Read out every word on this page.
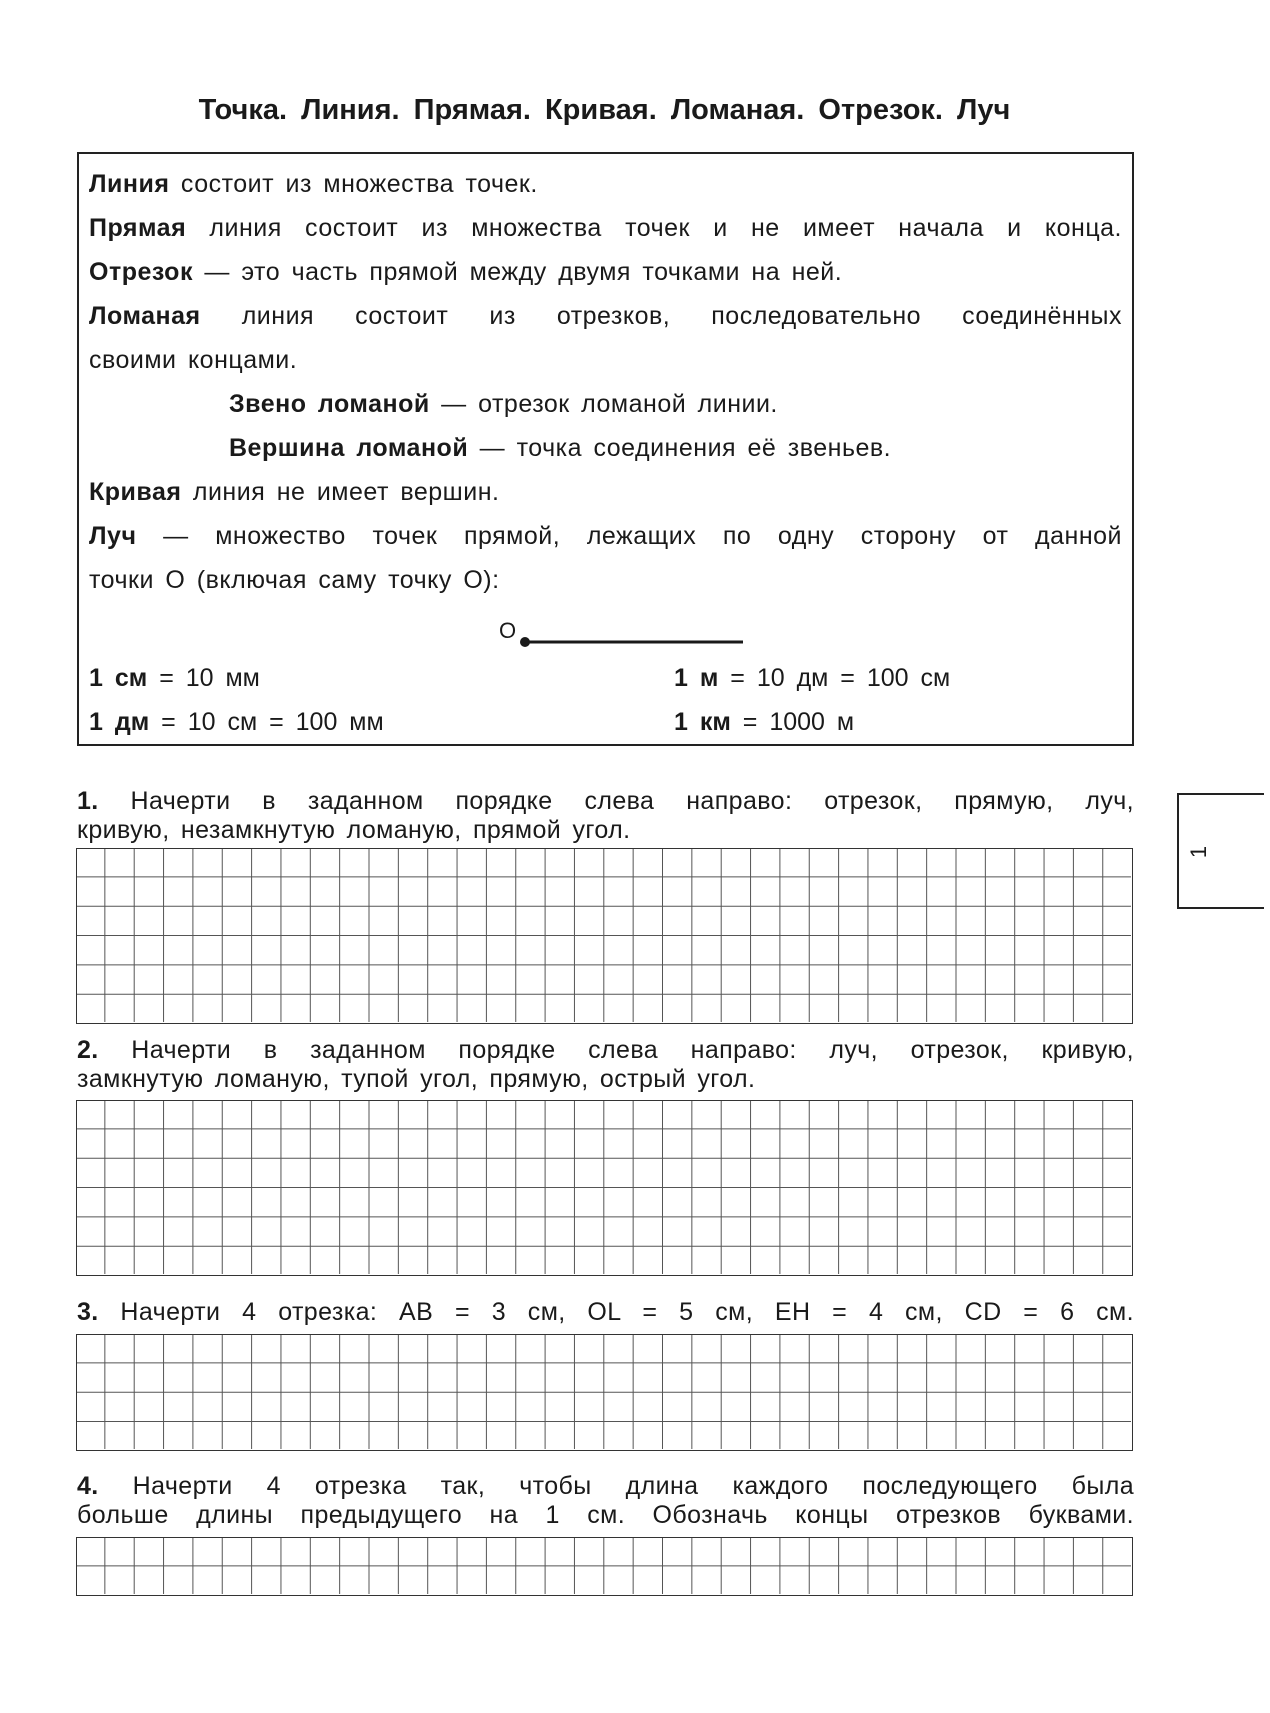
Точка. Линия. Прямая. Кривая. Ломаная. Отрезок. Луч

Линия состоит из множества точек.

Прямая линия состоит из множества точек и не имеет начала и конца.

Отрезок — это часть прямой между двумя точками на ней.

Ломаная линия состоит из отрезков, последовательно соединённых

своими концами.

Звено ломаной — отрезок ломаной линии.

Вершина ломаной — точка соединения её звеньев.

Кривая линия не имеет вершин.

Луч — множество точек прямой, лежащих по одну сторону от данной

точки O (включая саму точку O):

O
1 см = 10 мм	1 м = 10 дм = 100 см
1 дм = 10 см = 100 мм	1 км = 1000 м
1

1. Начерти в заданном порядке слева направо: отрезок, прямую, луч,

кривую, незамкнутую ломаную, прямой угол.

2. Начерти в заданном порядке слева направо: луч, отрезок, кривую,

замкнутую ломаную, тупой угол, прямую, острый угол.

3. Начерти 4 отрезка: AB = 3 см, OL = 5 см, EH = 4 см, CD = 6 см.

4. Начерти 4 отрезка так, чтобы длина каждого последующего была

больше длины предыдущего на 1 см. Обозначь концы отрезков буквами.
